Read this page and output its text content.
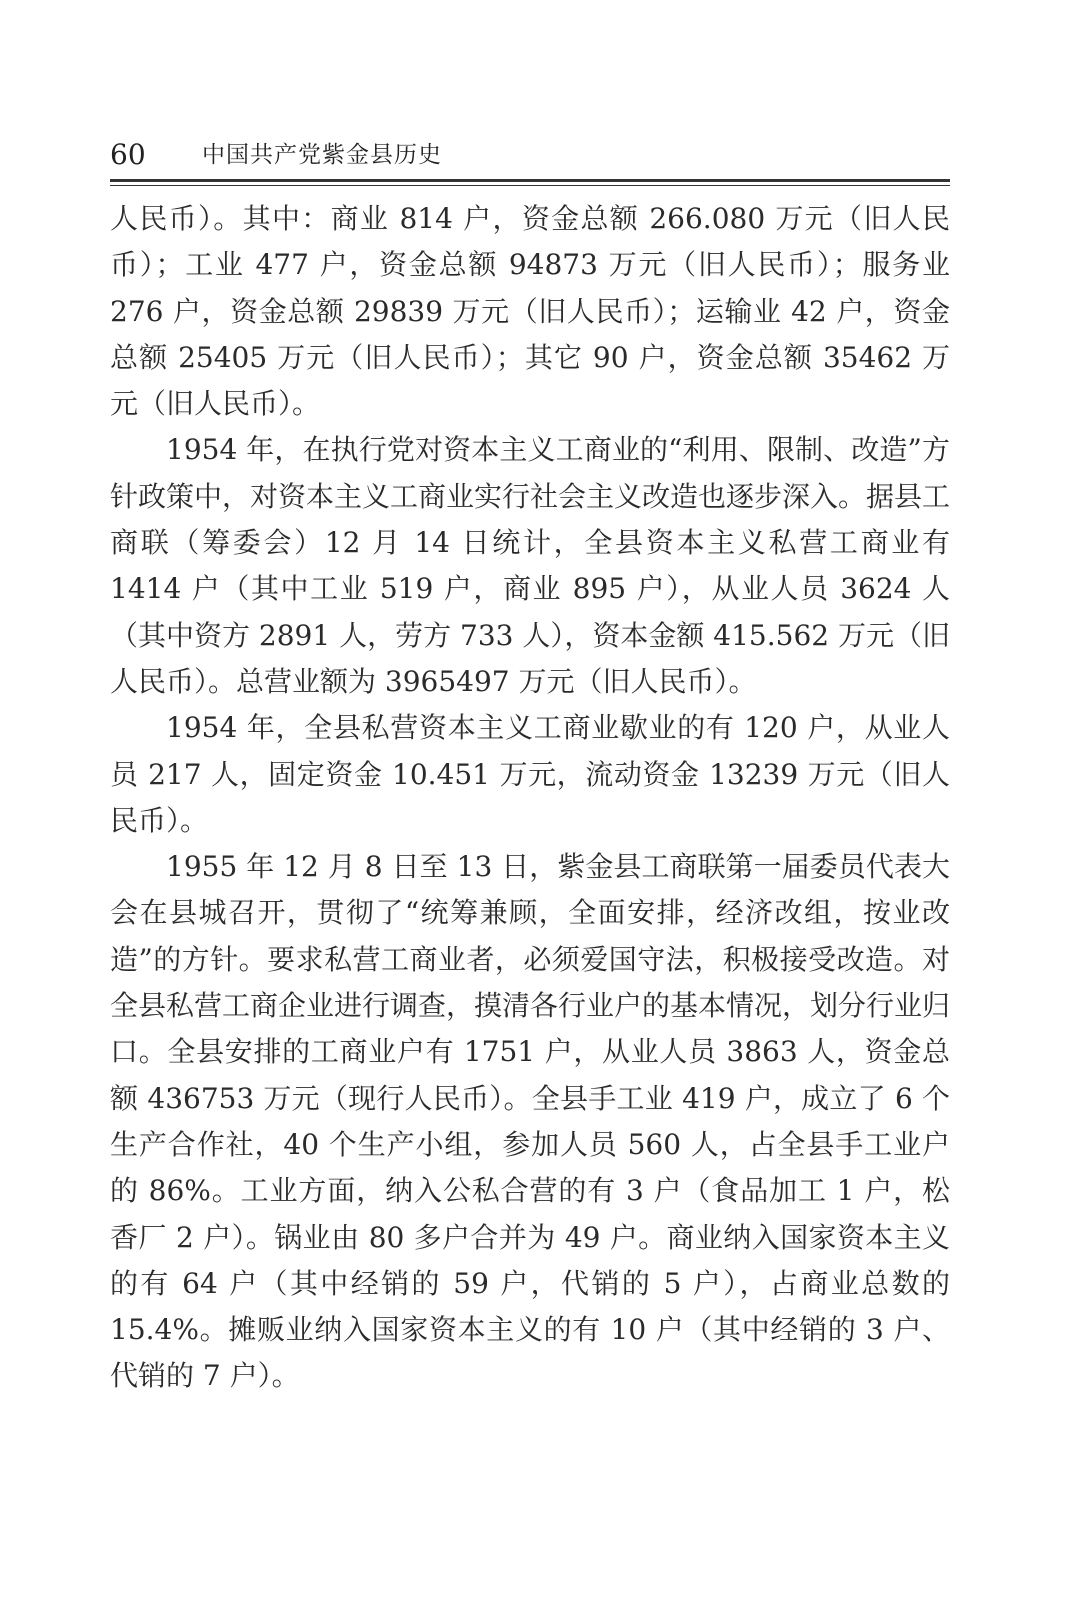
60 中国共产党紫金县历史

人民币）。其中：商业 814 户，资金总额 266.080 万元（旧人民币）；工业 477 户，资金总额 94873 万元（旧人民币）；服务业 276 户，资金总额 29839 万元（旧人民币）；运输业 42 户，资金总额 25405 万元（旧人民币）；其它 90 户，资金总额 35462 万元（旧人民币）。

1954 年，在执行党对资本主义工商业的“利用、限制、改造”方针政策中，对资本主义工商业实行社会主义改造也逐步深入。据县工商联（筹委会）12 月 14 日统计，全县资本主义私营工商业有 1414 户（其中工业 519 户，商业 895 户），从业人员 3624 人（其中资方 2891 人，劳方 733 人），资本金额 415.562 万元（旧人民币）。总营业额为 3965497 万元（旧人民币）。

1954 年，全县私营资本主义工商业歇业的有 120 户，从业人员 217 人，固定资金 10.451 万元，流动资金 13239 万元（旧人民币）。

1955 年 12 月 8 日至 13 日，紫金县工商联第一届委员代表大会在县城召开，贯彻了“统筹兼顾，全面安排，经济改组，按业改造”的方针。要求私营工商业者，必须爱国守法，积极接受改造。对全县私营工商企业进行调查，摸清各行业户的基本情况，划分行业归口。全县安排的工商业户有 1751 户，从业人员 3863 人，资金总额 436753 万元（现行人民币）。全县手工业 419 户，成立了 6 个生产合作社，40 个生产小组，参加人员 560 人，占全县手工业户的 86%。工业方面，纳入公私合营的有 3 户（食品加工 1 户，松香厂 2 户）。锅业由 80 多户合并为 49 户。商业纳入国家资本主义的有 64 户（其中经销的 59 户，代销的 5 户），占商业总数的 15.4%。摊贩业纳入国家资本主义的有 10 户（其中经销的 3 户、代销的 7 户）。
